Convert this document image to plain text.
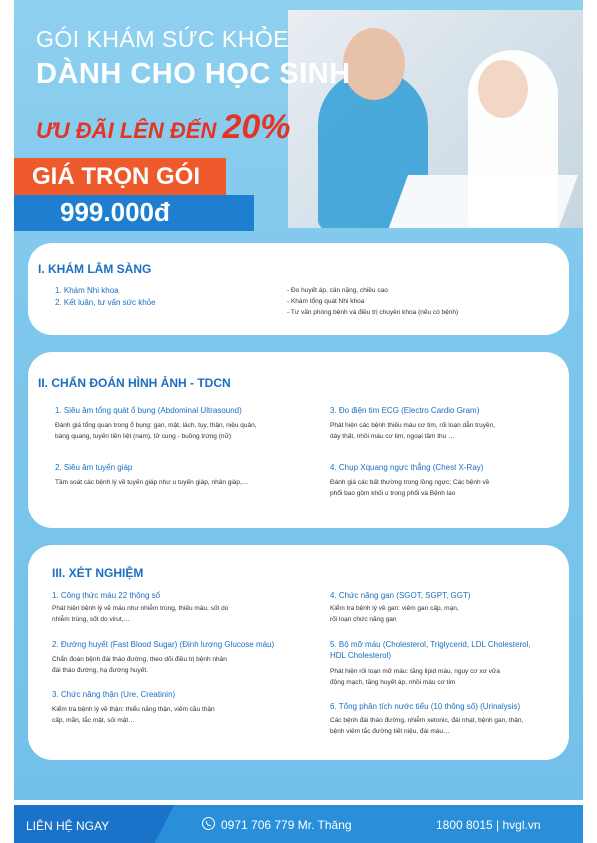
GÓI KHÁM SỨC KHỎE
DÀNH CHO HỌC SINH
ƯU ĐÃI LÊN ĐẾN 20%
GIÁ TRỌN GÓI
999.000đ
I. KHÁM LÂM SÀNG
1. Khám Nhi khoa
2. Kết luận, tư vấn sức khỏe
- Đo huyết áp, cân nặng, chiều cao
- Khám tổng quát Nhi khoa
- Tư vấn phòng bệnh và điều trị chuyên khoa (nếu có bệnh)
II. CHẨN ĐOÁN HÌNH ẢNH - TDCN
1. Siêu âm tổng quát ổ bụng (Abdominal Ultrasound)
Đánh giá tổng quan trong ổ bụng: gan, mật, lách, tụy, thận, niệu quản,
bàng quang, tuyến tiền liệt (nam), tử cung - buồng trứng (nữ)
2. Siêu âm tuyến giáp
Tầm soát các bệnh lý về tuyến giáp như u tuyến giáp, nhân giáp,…
3. Đo điện tim ECG (Electro Cardio Gram)
Phát hiện các bệnh thiếu máu cơ tim, rối loạn dẫn truyền,
dày thất, nhồi máu cơ tim, ngoại tâm thu …
4. Chụp Xquang ngực thẳng (Chest X-Ray)
Đánh giá các bất thường trong lồng ngực; Các bệnh về
phổi bao gồm khối u trong phổi và Bệnh lao
III. XÉT NGHIỆM
1. Công thức máu 22 thông số
Phát hiện bệnh lý về máu như nhiễm trùng, thiếu máu, sốt do
nhiễm trùng, sốt do virut,…
2. Đường huyết (Fast Blood Sugar) (Định lượng Glucose máu)
Chẩn đoán bệnh đái tháo đường, theo dõi điều trị bệnh nhân
đái tháo đường, hạ đường huyết.
3. Chức năng thận (Ure, Creatinin)
Kiểm tra bệnh lý về thận: thiểu năng thận, viêm cầu thận
cấp, mãn, tắc mật, sỏi mật…
4. Chức năng gan (SGOT, SGPT, GGT)
Kiểm tra bệnh lý về gan: viêm gan cấp, mạn,
rối loạn chức năng gan
5. Bộ mỡ máu (Cholesterol, Triglycerid, LDL Cholesterol,
HDL Cholesterol)
Phát hiện rối loạn mỡ máu: tăng lipid máu, nguy cơ xơ vữa
động mạch, tăng huyết áp, nhồi máu cơ tim
6. Tổng phân tích nước tiểu (10 thông số) (Urinalysis)
Các bệnh đái tháo đường, nhiễm xetonic, đái nhạt, bệnh gan, thận,
bệnh viêm tắc đường tiết niệu, đái máu…
LIÊN HỆ NGAY	0971 706 779 Mr. Thăng	1800 8015 | hvgl.vn
